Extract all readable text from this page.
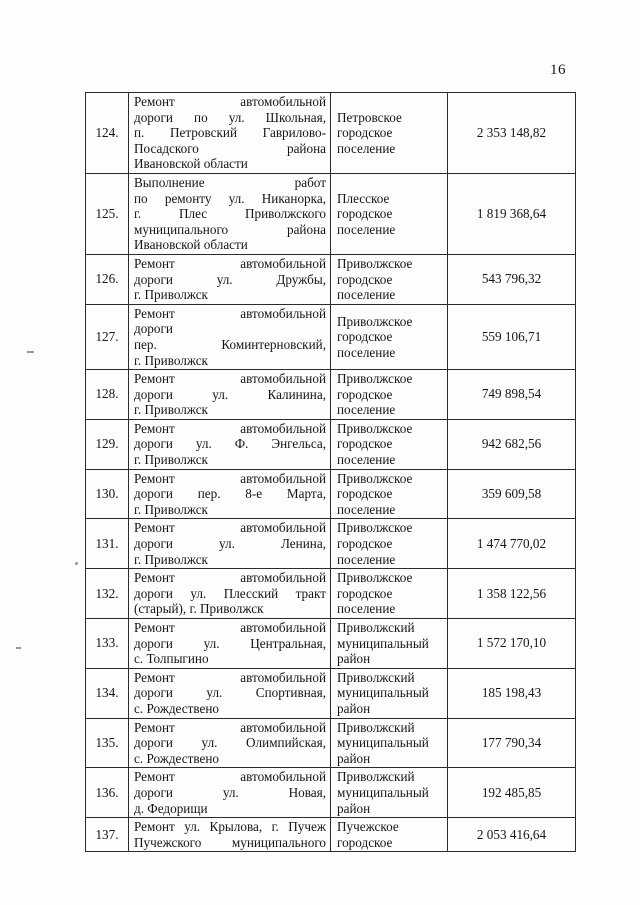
16
124.
Ремонт автомобильной
дороги по ул. Школьная,
п. Петровский Гаврилово-
Посадского района
Ивановской области
Петровское
городское
поселение
2 353 148,82
125.
Выполнение работ
по ремонту ул. Никанорка,
г. Плес Приволжского
муниципального района
Ивановской области
Плесское
городское
поселение
1 819 368,64
126.
Ремонт автомобильной
дороги ул. Дружбы,
г. Приволжск
Приволжское
городское
поселение
543 796,32
127.
Ремонт автомобильной
дороги
пер. Коминтерновский,
г. Приволжск
Приволжское
городское
поселение
559 106,71
128.
Ремонт автомобильной
дороги ул. Калинина,
г. Приволжск
Приволжское
городское
поселение
749 898,54
129.
Ремонт автомобильной
дороги ул. Ф. Энгельса,
г. Приволжск
Приволжское
городское
поселение
942 682,56
130.
Ремонт автомобильной
дороги пер. 8-е Марта,
г. Приволжск
Приволжское
городское
поселение
359 609,58
131.
Ремонт автомобильной
дороги ул. Ленина,
г. Приволжск
Приволжское
городское
поселение
1 474 770,02
132.
Ремонт автомобильной
дороги ул. Плесский тракт
(старый), г. Приволжск
Приволжское
городское
поселение
1 358 122,56
133.
Ремонт автомобильной
дороги ул. Центральная,
с. Толпыгино
Приволжский
муниципальный
район
1 572 170,10
134.
Ремонт автомобильной
дороги ул. Спортивная,
с. Рождествено
Приволжский
муниципальный
район
185 198,43
135.
Ремонт автомобильной
дороги ул. Олимпийская,
с. Рождествено
Приволжский
муниципальный
район
177 790,34
136.
Ремонт автомобильной
дороги ул. Новая,
д. Федорищи
Приволжский
муниципальный
район
192 485,85
137.
Ремонт ул. Крылова, г. Пучеж
Пучежского муниципального
Пучежское
городское
2 053 416,64
